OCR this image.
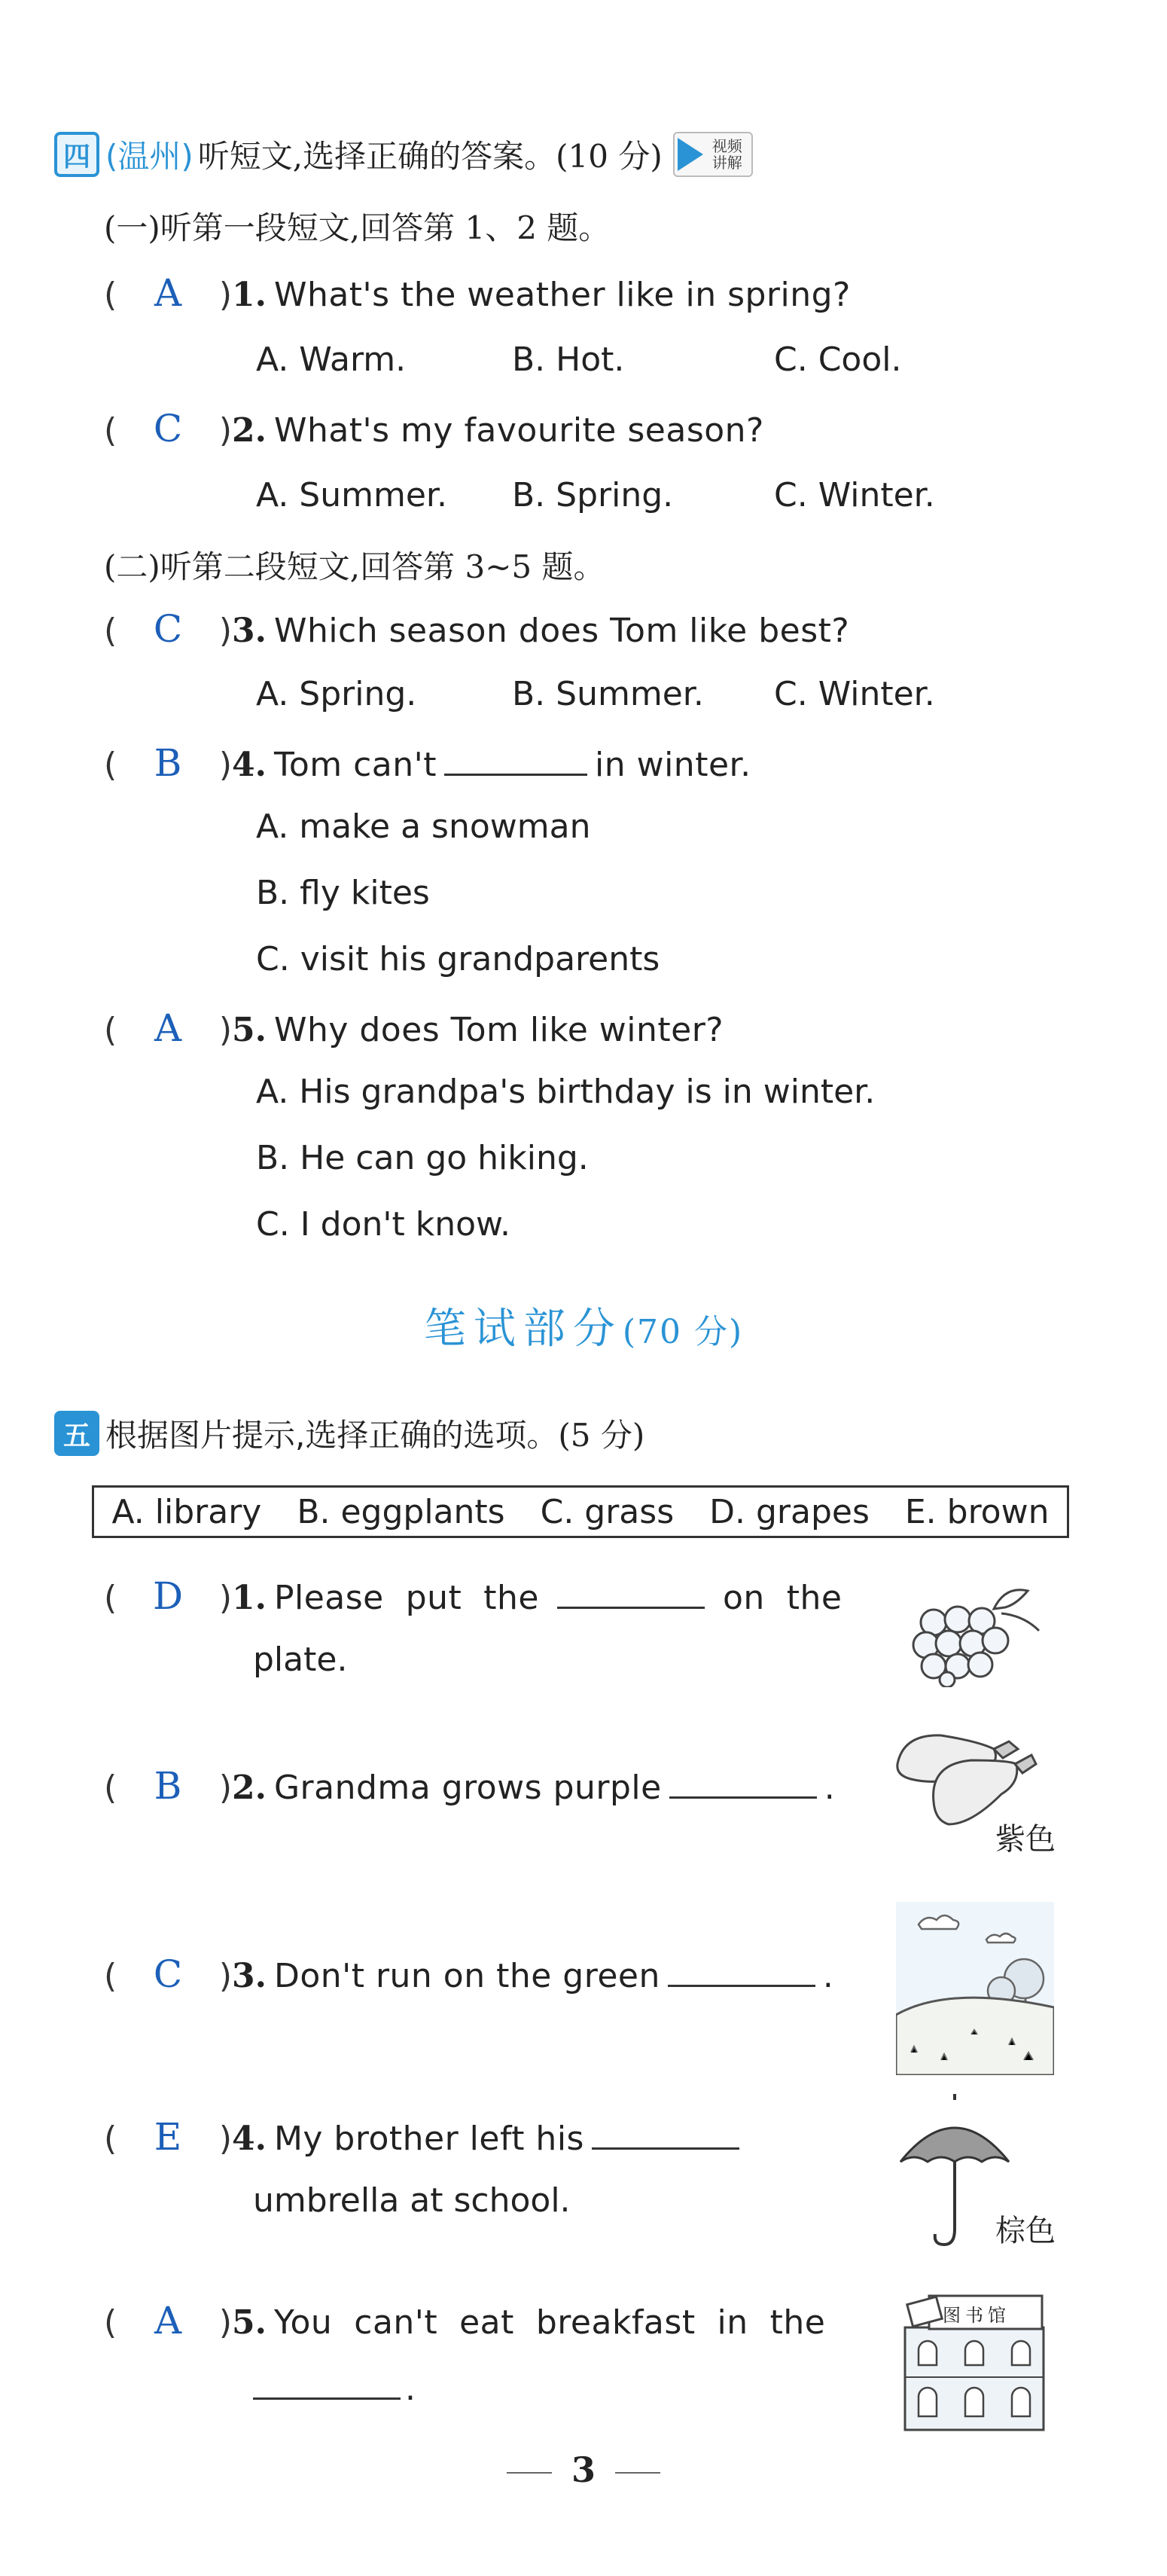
四 (温州) 听短文,选择正确的答案。 (10 分)	视频讲解
(一)听第一段短文,回答第 1、2 题。
( A	) 1. What's the weather like in spring?
A. Warm.	B. Hot.	C. Cool.
( C	) 2. What's my favourite season?
A. Summer.	B. Spring.	C. Winter.
(二)听第二段短文,回答第 3~5 题。
( C	) 3. Which season does Tom like best?
A. Spring.	B. Summer.	C. Winter.
( B	) 4. Tom can't	in winter.
A. make a snowman
B. fly kites
C. visit his grandparents
( A	) 5. Why does Tom like winter?
A. His grandpa's birthday is in winter.
B. He can go hiking.
C. I don't know.
笔试部分(70 分)
五 根据图片提示,选择正确的选项。 (5 分)
A. library B. eggplants C. grass D. grapes E. brown
( D	) 1. Please  put  the	on  the
plate.
( B	) 2. Grandma grows purple	.
( C	) 3. Don't run on the green	.
( E	) 4. My brother left his
umbrella at school.
( A	) 5. You  can't  eat  breakfast  in  the
.
紫色
棕色
图书馆
3
